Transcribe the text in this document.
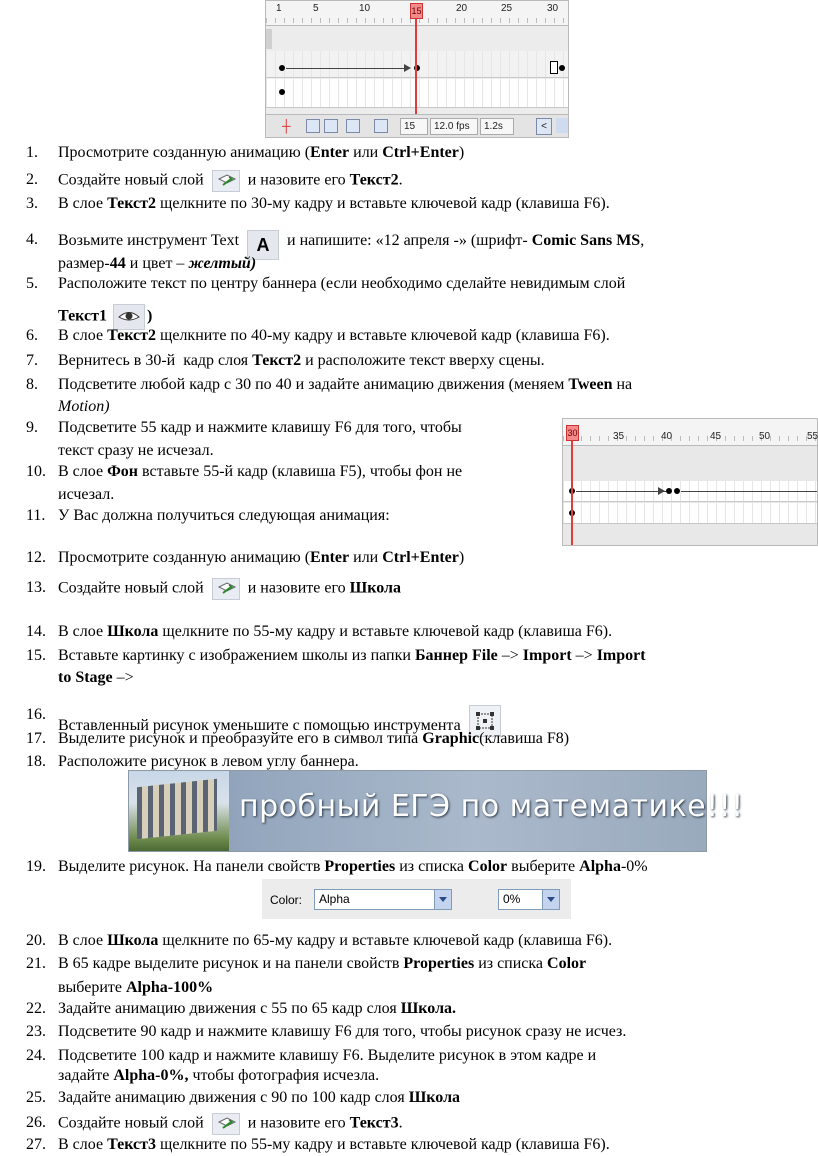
1	5	10	15	20	25	30
┼	15	12.0 fps	1.2s	<
30	35	40	45	50	55
1.	Просмотрите созданную анимацию (Enter или Ctrl+Enter)
2.	Создайте новый слой  и назовите его Текст2.
3.	В слое Текст2 щелкните по 30-му кадру и вставьте ключевой кадр (клавиша F6).
4.	Возьмите инструмент Text A и напишите: «12 апреля -» (шрифт- Comic Sans MS,
размер-44 и цвет – желтый)
5.	Расположите текст по центру баннера (если необходимо сделайте невидимым слой
Текст1 )
6.	В слое Текст2 щелкните по 40-му кадру и вставьте ключевой кадр (клавиша F6).
7.	Вернитесь в 30-й  кадр слоя Текст2 и расположите текст вверху сцены.
8.	Подсветите любой кадр с 30 по 40 и задайте анимацию движения (меняем Tween на
Motion)
9.	Подсветите 55 кадр и нажмите клавишу F6 для того, чтобы
текст сразу не исчезал.
10. В слое Фон вставьте 55-й кадр (клавиша F5), чтобы фон не
исчезал.
11. У Вас должна получиться следующая анимация:
12. Просмотрите созданную анимацию (Enter или Ctrl+Enter)
13. Создайте новый слой  и назовите его Школа
14. В слое Школа щелкните по 55-му кадру и вставьте ключевой кадр (клавиша F6).
15. Вставьте картинку с изображением школы из папки Баннер File –> Import –> Import
to Stage –>
16.
Вставленный рисунок уменьшите с помощью инструмента
17. Выделите рисунок и преобразуйте его в символ типа Graphic(клавиша F8)
18. Расположите рисунок в левом углу баннера.
19. Выделите рисунок. На панели свойств Properties из списка Color выберите Alpha-0%
20. В слое Школа щелкните по 65-му кадру и вставьте ключевой кадр (клавиша F6).
21. В 65 кадре выделите рисунок и на панели свойств Properties из списка Color
выберите Alpha-100%
22. Задайте анимацию движения с 55 по 65 кадр слоя Школа.
23. Подсветите 90 кадр и нажмите клавишу F6 для того, чтобы рисунок сразу не исчез.
24. Подсветите 100 кадр и нажмите клавишу F6. Выделите рисунок в этом кадре и
задайте Alpha-0%, чтобы фотография исчезла.
25. Задайте анимацию движения с 90 по 100 кадр слоя Школа
26. Создайте новый слой  и назовите его Текст3.
27. В слое Текст3 щелкните по 55-му кадру и вставьте ключевой кадр (клавиша F6).
пробный ЕГЭ по математике!!!
Color:	Alpha	0%
